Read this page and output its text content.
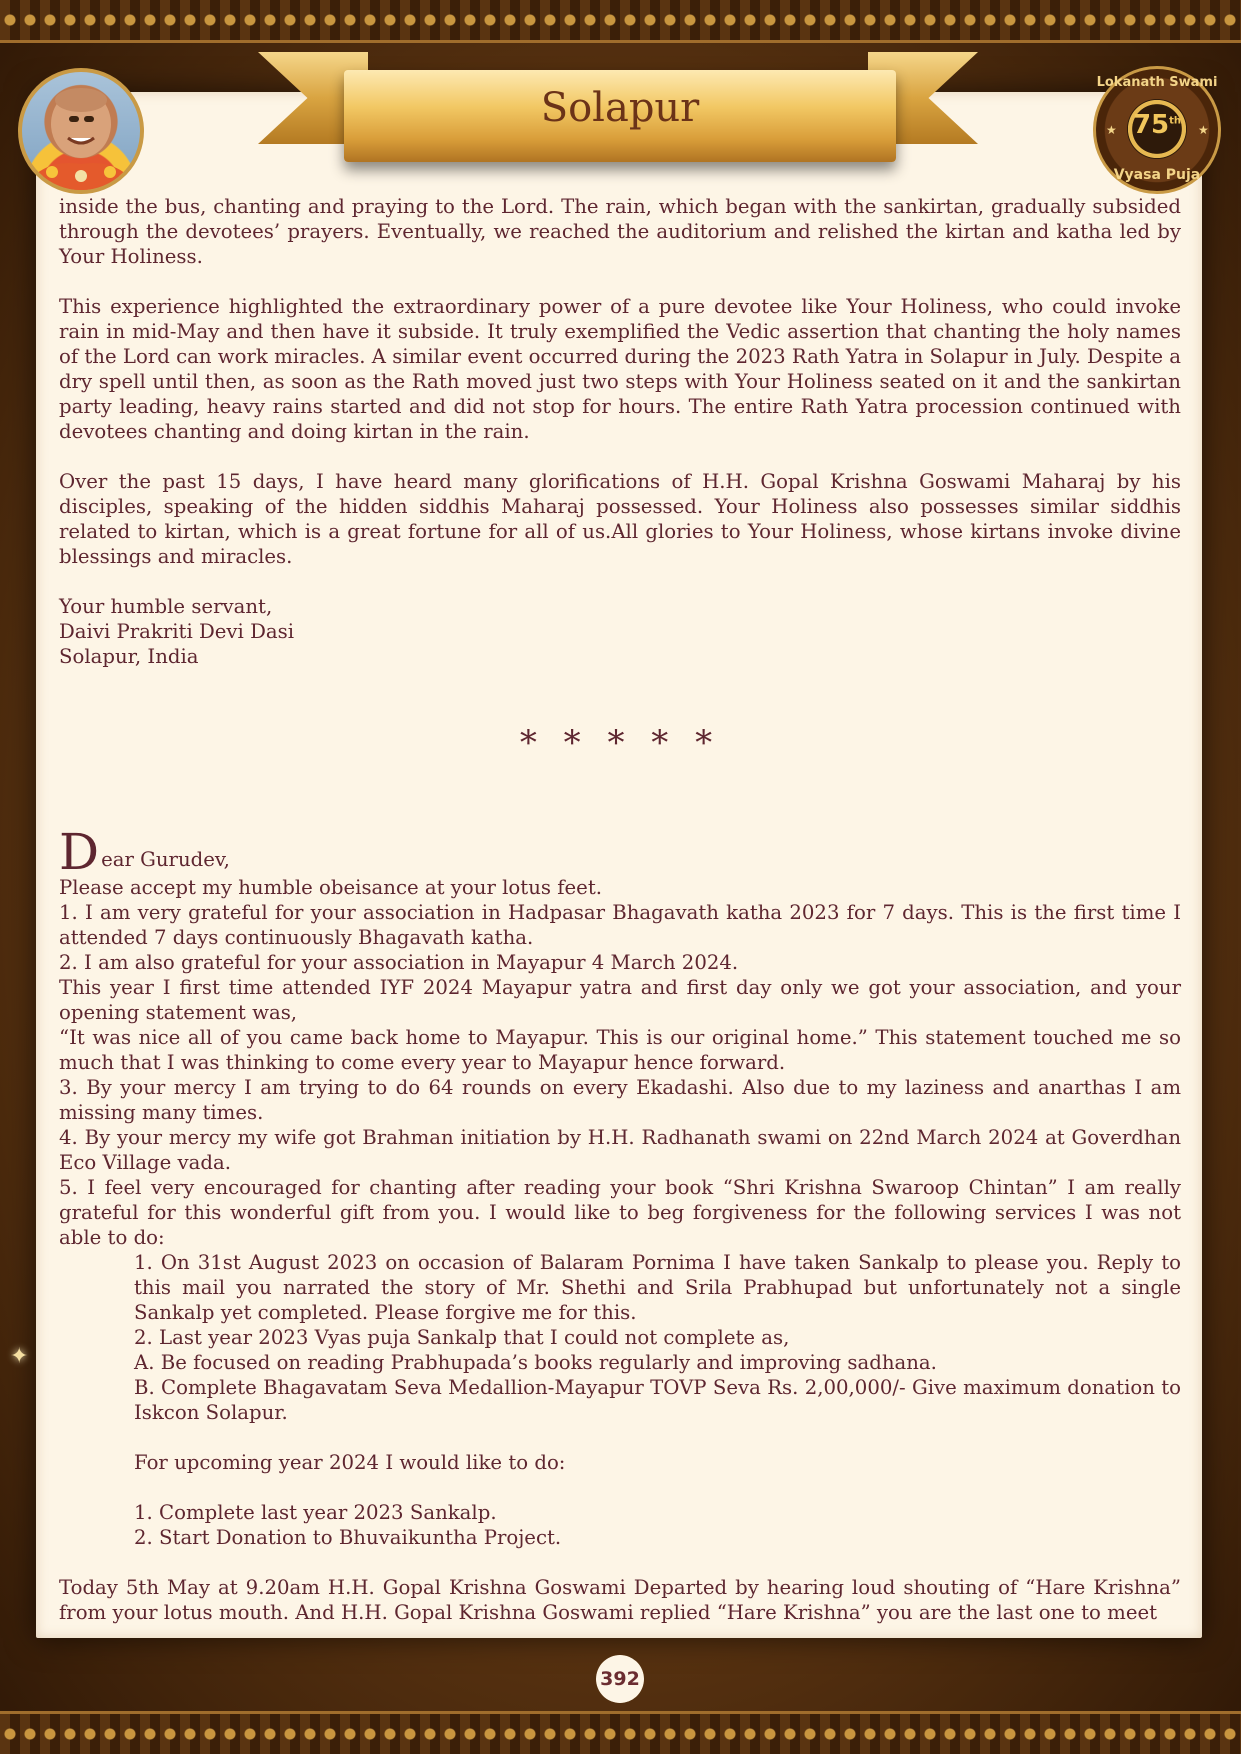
Solapur
Lokanath Swami
75th
★	★
Vyasa Puja

inside the bus, chanting and praying to the Lord. The rain, which began with the sankirtan, gradually subsided through the devotees’ prayers. Eventually, we reached the auditorium and relished the kirtan and katha led by Your Holiness.

This experience highlighted the extraordinary power of a pure devotee like Your Holiness, who could invoke rain in mid-May and then have it subside. It truly exemplified the Vedic assertion that chanting the holy names of the Lord can work miracles. A similar event occurred during the 2023 Rath Yatra in Solapur in July. Despite a dry spell until then, as soon as the Rath moved just two steps with Your Holiness seated on it and the sankirtan party leading, heavy rains started and did not stop for hours. The entire Rath Yatra procession continued with devotees chanting and doing kirtan in the rain.

Over the past 15 days, I have heard many glorifications of H.H. Gopal Krishna Goswami Maharaj by his disciples, speaking of the hidden siddhis Maharaj possessed. Your Holiness also possesses similar siddhis related to kirtan, which is a great fortune for all of us.All glories to Your Holiness, whose kirtans invoke divine blessings and miracles.

Your humble servant,

Daivi Prakriti Devi Dasi

Solapur, India

* * * * *

D ear Gurudev,

Please accept my humble obeisance at your lotus feet.

1. I am very grateful for your association in Hadpasar Bhagavath katha 2023 for 7 days. This is the first time I attended 7 days continuously Bhagavath katha.

2. I am also grateful for your association in Mayapur 4 March 2024.

This year I first time attended IYF 2024 Mayapur yatra and first day only we got your association, and your opening statement was,

“It was nice all of you came back home to Mayapur. This is our original home.” This statement touched me so much that I was thinking to come every year to Mayapur hence forward.

3. By your mercy I am trying to do 64 rounds on every Ekadashi. Also due to my laziness and anarthas I am missing many times.

4. By your mercy my wife got Brahman initiation by H.H. Radhanath swami on 22nd March 2024 at Goverdhan Eco Village vada.

5. I feel very encouraged for chanting after reading your book “Shri Krishna Swaroop Chintan” I am really grateful for this wonderful gift from you. I would like to beg forgiveness for the following services I was not able to do:

1. On 31st August 2023 on occasion of Balaram Pornima I have taken Sankalp to please you. Reply to this mail you narrated the story of Mr. Shethi and Srila Prabhupad but unfortunately not a single Sankalp yet completed. Please forgive me for this.

2. Last year 2023 Vyas puja Sankalp that I could not complete as,

A. Be focused on reading Prabhupada’s books regularly and improving sadhana.

B. Complete Bhagavatam Seva Medallion-Mayapur TOVP Seva Rs. 2,00,000/- Give maximum donation to Iskcon Solapur.

For upcoming year 2024 I would like to do:

1. Complete last year 2023 Sankalp.

2. Start Donation to Bhuvaikuntha Project.

Today 5th May at 9.20am H.H. Gopal Krishna Goswami Departed by hearing loud shouting of “Hare Krishna” from your lotus mouth. And H.H. Gopal Krishna Goswami replied “Hare Krishna” you are the last one to meet

✦
392
